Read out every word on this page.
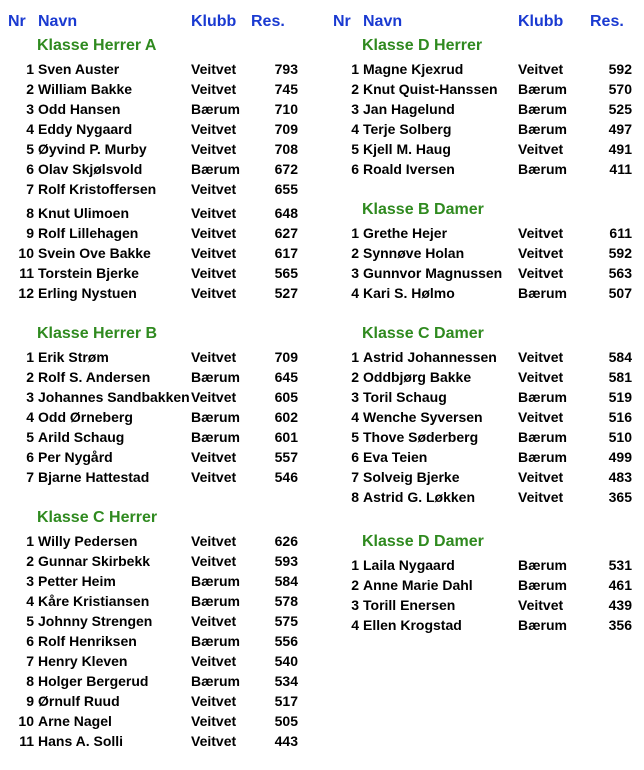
Nr Navn	Klubb Res.
Klasse Herrer A
1 Sven Auster	Veitvet	793
2 William Bakke	Veitvet	745
3 Odd Hansen	Bærum	710
4 Eddy Nygaard	Veitvet	709
5 Øyvind P. Murby	Veitvet	708
6 Olav Skjølsvold	Bærum	672
7 Rolf Kristoffersen Veitvet	655
8 Knut Ulimoen	Veitvet	648
9 Rolf Lillehagen	Veitvet	627
10 Svein Ove Bakke	Veitvet	617
11 Torstein Bjerke	Veitvet	565
12 Erling Nystuen	Veitvet	527
Klasse Herrer B
1 Erik Strøm	Veitvet	709
2 Rolf S. Andersen	Bærum	645
3 Johannes Sandbakken Veitvet	605
4 Odd Ørneberg	Bærum	602
5 Arild Schaug	Bærum	601
6 Per Nygård	Veitvet	557
7 Bjarne Hattestad	Veitvet	546
Klasse C Herrer
1 Willy Pedersen	Veitvet	626
2 Gunnar Skirbekk	Veitvet	593
3 Petter Heim	Bærum	584
4 Kåre Kristiansen	Bærum	578
5 Johnny Strengen	Veitvet	575
6 Rolf Henriksen	Bærum	556
7 Henry Kleven	Veitvet	540
8 Holger Bergerud	Bærum	534
9 Ørnulf Ruud	Veitvet	517
10 Arne Nagel	Veitvet	505
11 Hans A. Solli	Veitvet	443
Nr Navn	Klubb Res.
Klasse D Herrer
1 Magne Kjexrud	Veitvet	592
2 Knut Quist-Hanssen Bærum	570
3 Jan Hagelund	Bærum	525
4 Terje Solberg	Bærum	497
5 Kjell M. Haug	Veitvet	491
6 Roald Iversen	Bærum	411
Klasse B Damer
1 Grethe Hejer	Veitvet	611
2 Synnøve Holan	Veitvet	592
3 Gunnvor Magnussen Veitvet	563
4 Kari S. Hølmo	Bærum	507
Klasse C Damer
1 Astrid Johannessen Veitvet	584
2 Oddbjørg Bakke	Veitvet	581
3 Toril Schaug	Bærum	519
4 Wenche Syversen	Veitvet	516
5 Thove Søderberg	Bærum	510
6 Eva Teien	Bærum	499
7 Solveig Bjerke	Veitvet	483
8 Astrid G. Løkken	Veitvet	365
Klasse D Damer
1 Laila Nygaard	Bærum	531
2 Anne Marie Dahl	Bærum	461
3 Torill Enersen	Veitvet	439
4 Ellen Krogstad	Bærum	356
